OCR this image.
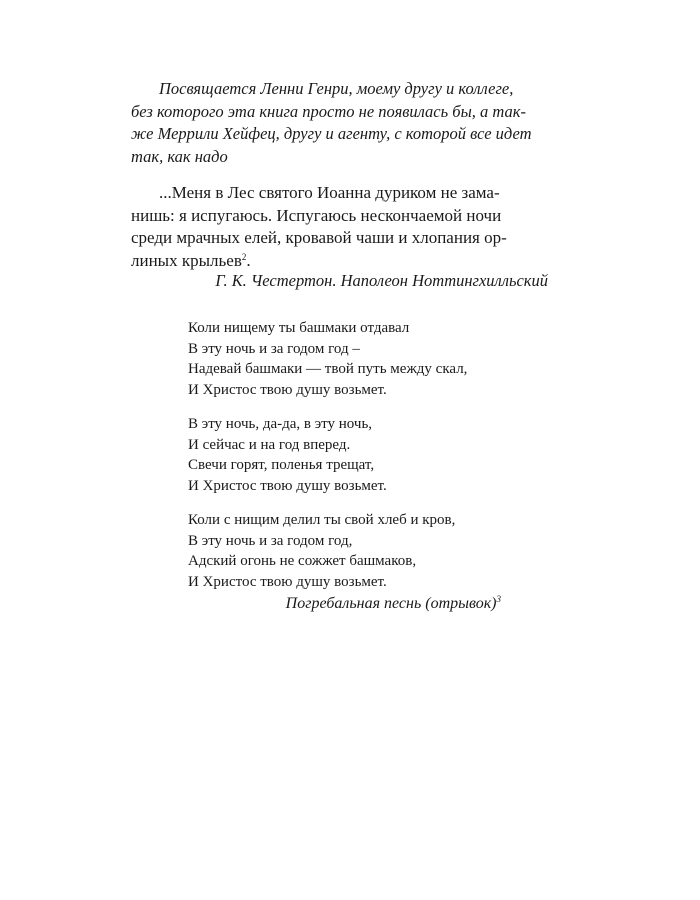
Посвящается Ленни Генри, моему другу и коллеге,
без которого эта книга просто не появилась бы, а так-
же Меррили Хейфец, другу и агенту, с которой все идет
так, как надо
...Меня в Лес святого Иоанна дуриком не зама-
нишь: я испугаюсь. Испугаюсь нескончаемой ночи
среди мрачных елей, кровавой чаши и хлопания ор-
линых крыльев$^2$.
Г. К. Честертон. Наполеон Ноттингхилльский
Коли нищему ты башмаки отдавал
В эту ночь и за годом год –
Надевай башмаки — твой путь между скал,
И Христос твою душу возьмет.
В эту ночь, да-да, в эту ночь,
И сейчас и на год вперед.
Свечи горят, поленья трещат,
И Христос твою душу возьмет.
Коли с нищим делил ты свой хлеб и кров,
В эту ночь и за годом год,
Адский огонь не сожжет башмаков,
И Христос твою душу возьмет.
Погребальная песнь (отрывок)$^3$
